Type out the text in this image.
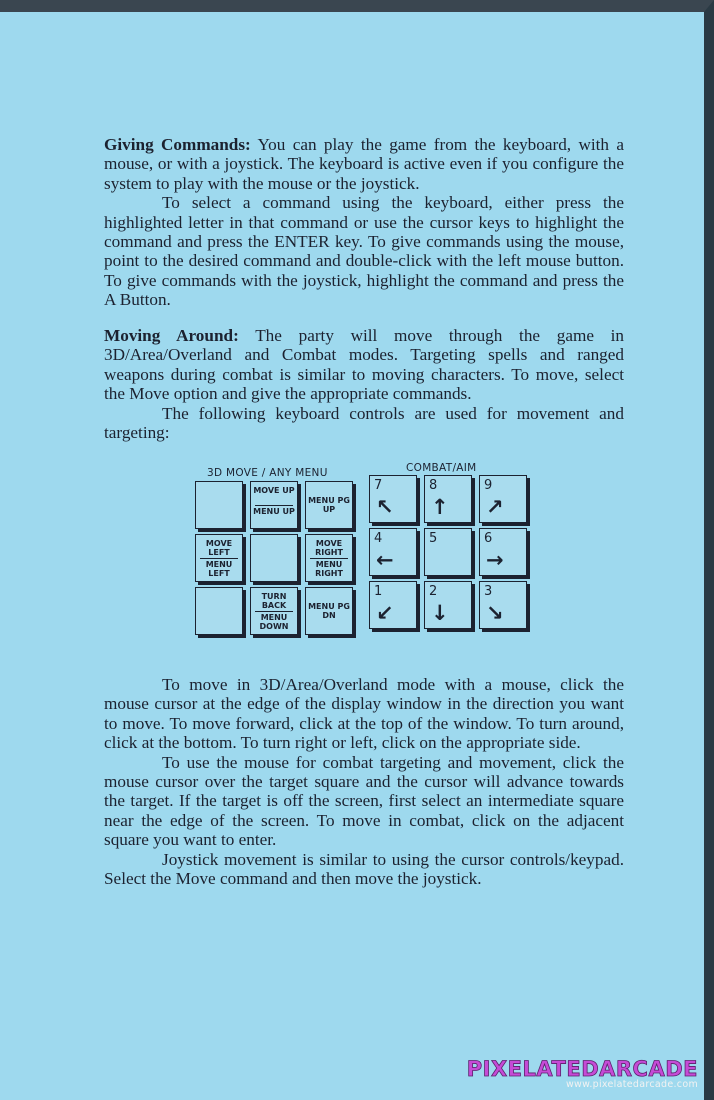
Giving Commands: You can play the game from the keyboard, with a mouse, or with a joystick. The keyboard is active even if you configure the system to play with the mouse or the joystick.

To select a command using the keyboard, either press the highlighted letter in that command or use the cursor keys to highlight the command and press the ENTER key. To give commands using the mouse, point to the desired command and double-click with the left mouse button. To give commands with the joystick, highlight the command and press the A Button.

Moving Around: The party will move through the game in 3D/Area/Overland and Combat modes. Targeting spells and ranged weapons during combat is similar to moving characters. To move, select the Move option and give the appropriate commands.

The following keyboard controls are used for movement and targeting:

3D MOVE / ANY MENU	COMBAT/AIM
MOVE UP
MENU UP
MENU PG UP
MOVE LEFT
MENU LEFT
MOVE RIGHT
MENU RIGHT
TURN BACK
MENU DOWN
MENU PG DN
7
↖
8
↑
9
↗
4
←
5	6
→
1
↙
2
↓
3
↘

To move in 3D/Area/Overland mode with a mouse, click the mouse cursor at the edge of the display window in the direction you want to move. To move forward, click at the top of the window. To turn around, click at the bottom. To turn right or left, click on the appropriate side.

To use the mouse for combat targeting and movement, click the mouse cursor over the target square and the cursor will advance towards the target. If the target is off the screen, first select an intermediate square near the edge of the screen. To move in combat, click on the adjacent square you want to enter.

Joystick movement is similar to using the cursor controls/keypad. Select the Move command and then move the joystick.

PIXELATEDARCADE
www.pixelatedarcade.com
